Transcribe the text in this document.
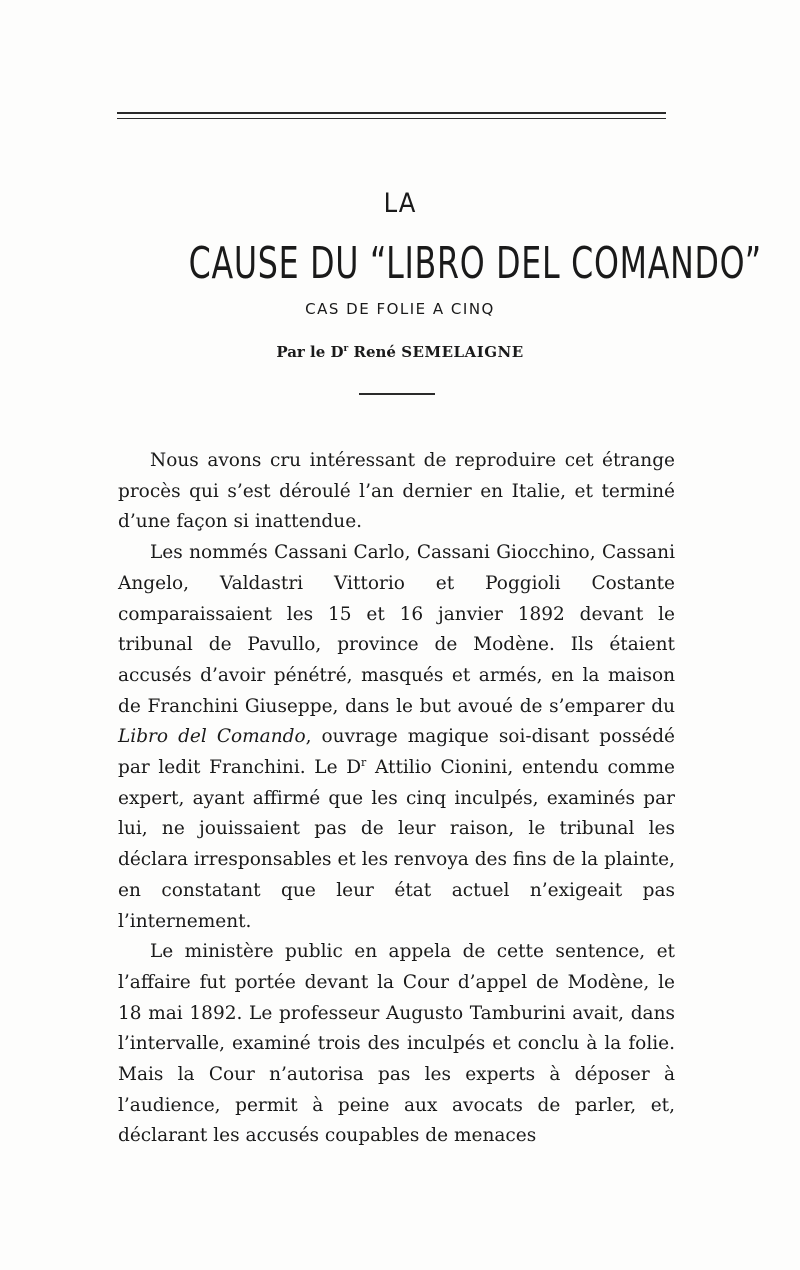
LA
CAUSE DU “LIBRO DEL COMANDO”
CAS DE FOLIE A CINQ
Par le $D^r$ René SEMELAIGNE

Nous avons cru intéressant de reproduire cet étrange procès qui s’est déroulé l’an dernier en Italie, et terminé d’une façon si inattendue.

Les nommés Cassani Carlo, Cassani Giocchino, Cassani Angelo, Valdastri Vittorio et Poggioli Costante comparaissaient les 15 et 16 janvier 1892 devant le tribunal de Pavullo, province de Modène. Ils étaient accusés d’avoir pénétré, masqués et armés, en la maison de Franchini Giuseppe, dans le but avoué de s’emparer du Libro del Comando, ouvrage magique soi-disant possédé par ledit Franchini. Le $D^r$ Attilio Cionini, entendu comme expert, ayant affirmé que les cinq inculpés, examinés par lui, ne jouissaient pas de leur raison, le tribunal les déclara irresponsables et les renvoya des fins de la plainte, en constatant que leur état actuel n’exigeait pas l’internement.

Le ministère public en appela de cette sentence, et l’affaire fut portée devant la Cour d’appel de Modène, le 18 mai 1892. Le professeur Augusto Tamburini avait, dans l’intervalle, examiné trois des inculpés et conclu à la folie. Mais la Cour n’autorisa pas les experts à déposer à l’audience, permit à peine aux avocats de parler, et, déclarant les accusés coupables de menaces
